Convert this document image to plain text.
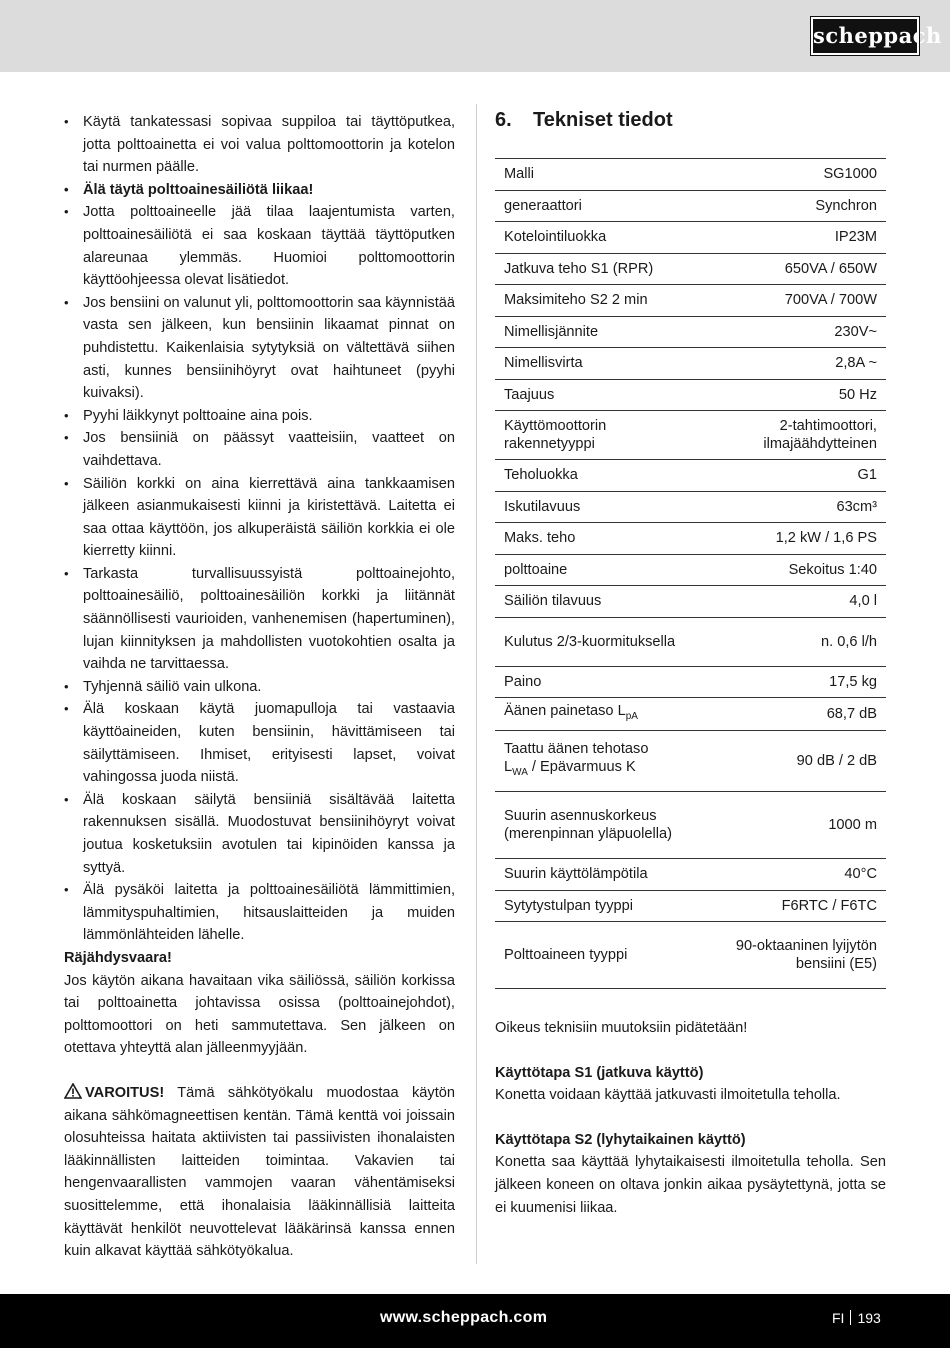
scheppach
• Käytä tankatessasi sopivaa suppiloa tai täyttöputkea, jotta polttoainetta ei voi valua polttomoottorin ja kotelon tai nurmen päälle.
• Älä täytä polttoainesäiliötä liikaa!
• Jotta polttoaineelle jää tilaa laajentumista varten, polttoainesäiliötä ei saa koskaan täyttää täyttöputken alareunaa ylemmäs. Huomioi polttomoottorin käyttöohjeessa olevat lisätiedot.
• Jos bensiini on valunut yli, polttomoottorin saa käynnistää vasta sen jälkeen, kun bensiinin likaamat pinnat on puhdistettu. Kaikenlaisia sytytyksiä on vältettävä siihen asti, kunnes bensiinihöyryt ovat haihtuneet (pyyhi kuivaksi).
• Pyyhi läikkynyt polttoaine aina pois.
• Jos bensiiniä on päässyt vaatteisiin, vaatteet on vaihdettava.
• Säiliön korkki on aina kierrettävä aina tankkaamisen jälkeen asianmukaisesti kiinni ja kiristettävä. Laitetta ei saa ottaa käyttöön, jos alkuperäistä säiliön korkkia ei ole kierretty kiinni.
• Tarkasta turvallisuussyistä polttoainejohto, polttoainesäiliö, polttoainesäiliön korkki ja liitännät säännöllisesti vaurioiden, vanhenemisen (hapertuminen), lujan kiinnityksen ja mahdollisten vuotokohtien osalta ja vaihda ne tarvittaessa.
• Tyhjennä säiliö vain ulkona.
• Älä koskaan käytä juomapulloja tai vastaavia käyttöaineiden, kuten bensiinin, hävittämiseen tai säilyttämiseen. Ihmiset, erityisesti lapset, voivat vahingossa juoda niistä.
• Älä koskaan säilytä bensiiniä sisältävää laitetta rakennuksen sisällä. Muodostuvat bensiinihöyryt voivat joutua kosketuksiin avotulen tai kipinöiden kanssa ja syttyä.
• Älä pysäköi laitetta ja polttoainesäiliötä lämmittimien, lämmityspuhaltimien, hitsauslaitteiden ja muiden lämmönlähteiden lähelle.

Räjähdysvaara!

Jos käytön aikana havaitaan vika säiliössä, säiliön korkissa tai polttoainetta johtavissa osissa (polttoainejohdot), polttomoottori on heti sammutettava. Sen jälkeen on otettava yhteyttä alan jälleenmyyjään.

VAROITUS! Tämä sähkötyökalu muodostaa käytön aikana sähkömagneettisen kentän. Tämä kenttä voi joissain olosuhteissa haitata aktiivisten tai passiivisten ihonalaisten lääkinnällisten laitteiden toimintaa. Vakavien tai hengenvaarallisten vammojen vaaran vähentämiseksi suosittelemme, että ihonalaisia lääkinnällisiä laitteita käyttävät henkilöt neuvottelevat lääkärinsä kanssa ennen kuin alkavat käyttää sähkötyökalua.

6. Tekniset tiedot
Malli	SG1000
generaattori	Synchron
Kotelointiluokka	IP23M
Jatkuva teho S1 (RPR)	650VA / 650W
Maksimiteho S2 2 min	700VA / 700W
Nimellisjännite	230V~
Nimellisvirta	2,8A ~
Taajuus	50 Hz
Käyttömoottorin rakennetyyppi	2-tahtimoottori, ilmajäähdytteinen
Teholuokka	G1
Iskutilavuus	63cm³
Maks. teho	1,2 kW / 1,6 PS
polttoaine	Sekoitus 1:40
Säiliön tilavuus	4,0 l
Kulutus 2/3-kuormituksella	n. 0,6 l/h
Paino	17,5 kg
Äänen painetaso $L_{pA}$	68,7 dB
Taattu äänen tehotaso
$L_{WA}$ / Epävarmuus K	90 dB / 2 dB
Suurin asennuskorkeus (merenpinnan yläpuolella)	1000 m
Suurin käyttölämpötila	40°C
Sytytystulpan tyyppi	F6RTC / F6TC
Polttoaineen tyyppi	90-oktaaninen lyijytön bensiini (E5)

Oikeus teknisiin muutoksiin pidätetään!

Käyttötapa S1 (jatkuva käyttö)

Konetta voidaan käyttää jatkuvasti ilmoitetulla teholla.

Käyttötapa S2 (lyhytaikainen käyttö)

Konetta saa käyttää lyhytaikaisesti ilmoitetulla teholla. Sen jälkeen koneen on oltava jonkin aikaa pysäytettynä, jotta se ei kuumenisi liikaa.

www.scheppach.com	FI 193
